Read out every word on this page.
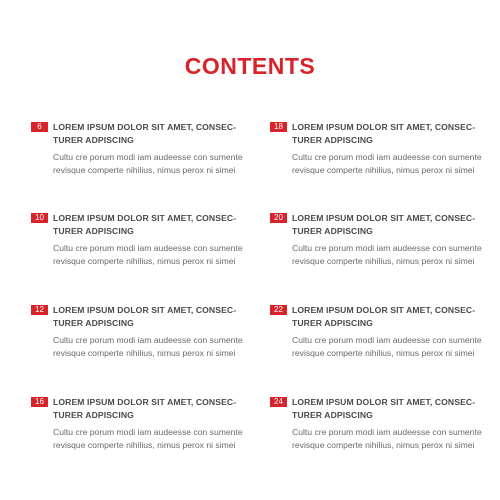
CONTENTS
6	LOREM IPSUM DOLOR SIT AMET, CONSEC-
TURER ADPISCING
Cultu cre porum modi iam audeesse con sumente
revisque comperte nihilius, nimus perox ni simei
18	LOREM IPSUM DOLOR SIT AMET, CONSEC-
TURER ADPISCING
Cultu cre porum modi iam audeesse con sumente
revisque comperte nihilius, nimus perox ni simei
10	LOREM IPSUM DOLOR SIT AMET, CONSEC-
TURER ADPISCING
Cultu cre porum modi iam audeesse con sumente
revisque comperte nihilius, nimus perox ni simei
20	LOREM IPSUM DOLOR SIT AMET, CONSEC-
TURER ADPISCING
Cultu cre porum modi iam audeesse con sumente
revisque comperte nihilius, nimus perox ni simei
12	LOREM IPSUM DOLOR SIT AMET, CONSEC-
TURER ADPISCING
Cultu cre porum modi iam audeesse con sumente
revisque comperte nihilius, nimus perox ni simei
22	LOREM IPSUM DOLOR SIT AMET, CONSEC-
TURER ADPISCING
Cultu cre porum modi iam audeesse con sumente
revisque comperte nihilius, nimus perox ni simei
16	LOREM IPSUM DOLOR SIT AMET, CONSEC-
TURER ADPISCING
Cultu cre porum modi iam audeesse con sumente
revisque comperte nihilius, nimus perox ni simei
24	LOREM IPSUM DOLOR SIT AMET, CONSEC-
TURER ADPISCING
Cultu cre porum modi iam audeesse con sumente
revisque comperte nihilius, nimus perox ni simei
